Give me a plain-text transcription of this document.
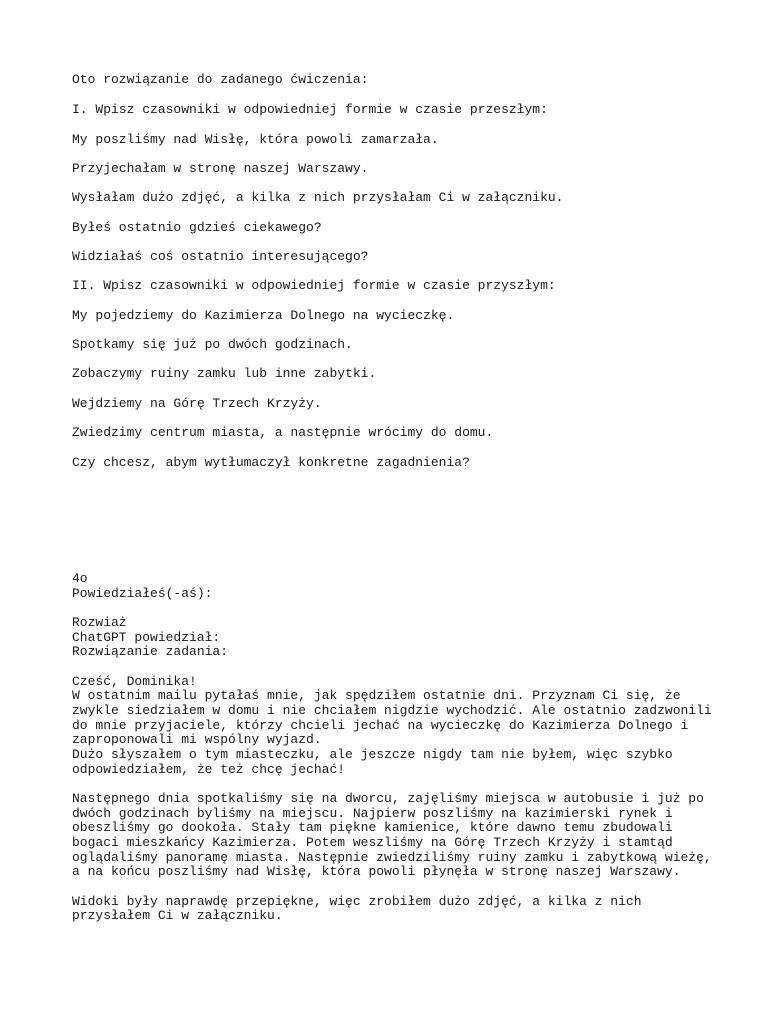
Oto rozwiązanie do zadanego ćwiczenia:
I. Wpisz czasowniki w odpowiedniej formie w czasie przeszłym:
My poszliśmy nad Wisłę, która powoli zamarzała.
Przyjechałam w stronę naszej Warszawy.
Wysłałam dużo zdjęć, a kilka z nich przysłałam Ci w załączniku.
Byłeś ostatnio gdzieś ciekawego?
Widziałaś coś ostatnio interesującego?
II. Wpisz czasowniki w odpowiedniej formie w czasie przyszłym:
My pojedziemy do Kazimierza Dolnego na wycieczkę.
Spotkamy się już po dwóch godzinach.
Zobaczymy ruiny zamku lub inne zabytki.
Wejdziemy na Górę Trzech Krzyży.
Zwiedzimy centrum miasta, a następnie wrócimy do domu.
Czy chcesz, abym wytłumaczył konkretne zagadnienia?
4o
Powiedziałeś(-aś):
Rozwiaż
ChatGPT powiedział:
Rozwiązanie zadania:
Cześć, Dominika!
W ostatnim mailu pytałaś mnie, jak spędziłem ostatnie dni. Przyznam Ci się, że
zwykle siedziałem w domu i nie chciałem nigdzie wychodzić. Ale ostatnio zadzwonili
do mnie przyjaciele, którzy chcieli jechać na wycieczkę do Kazimierza Dolnego i
zaproponowali mi wspólny wyjazd.
Dużo słyszałem o tym miasteczku, ale jeszcze nigdy tam nie byłem, więc szybko
odpowiedziałem, że też chcę jechać!
Następnego dnia spotkaliśmy się na dworcu, zajęliśmy miejsca w autobusie i już po
dwóch godzinach byliśmy na miejscu. Najpierw poszliśmy na kazimierski rynek i
obeszliśmy go dookoła. Stały tam piękne kamienice, które dawno temu zbudowali
bogaci mieszkańcy Kazimierza. Potem weszliśmy na Górę Trzech Krzyży i stamtąd
oglądaliśmy panoramę miasta. Następnie zwiedziliśmy ruiny zamku i zabytkową wieżę,
a na końcu poszliśmy nad Wisłę, która powoli płynęła w stronę naszej Warszawy.
Widoki były naprawdę przepiękne, więc zrobiłem dużo zdjęć, a kilka z nich
przysłałem Ci w załączniku.
